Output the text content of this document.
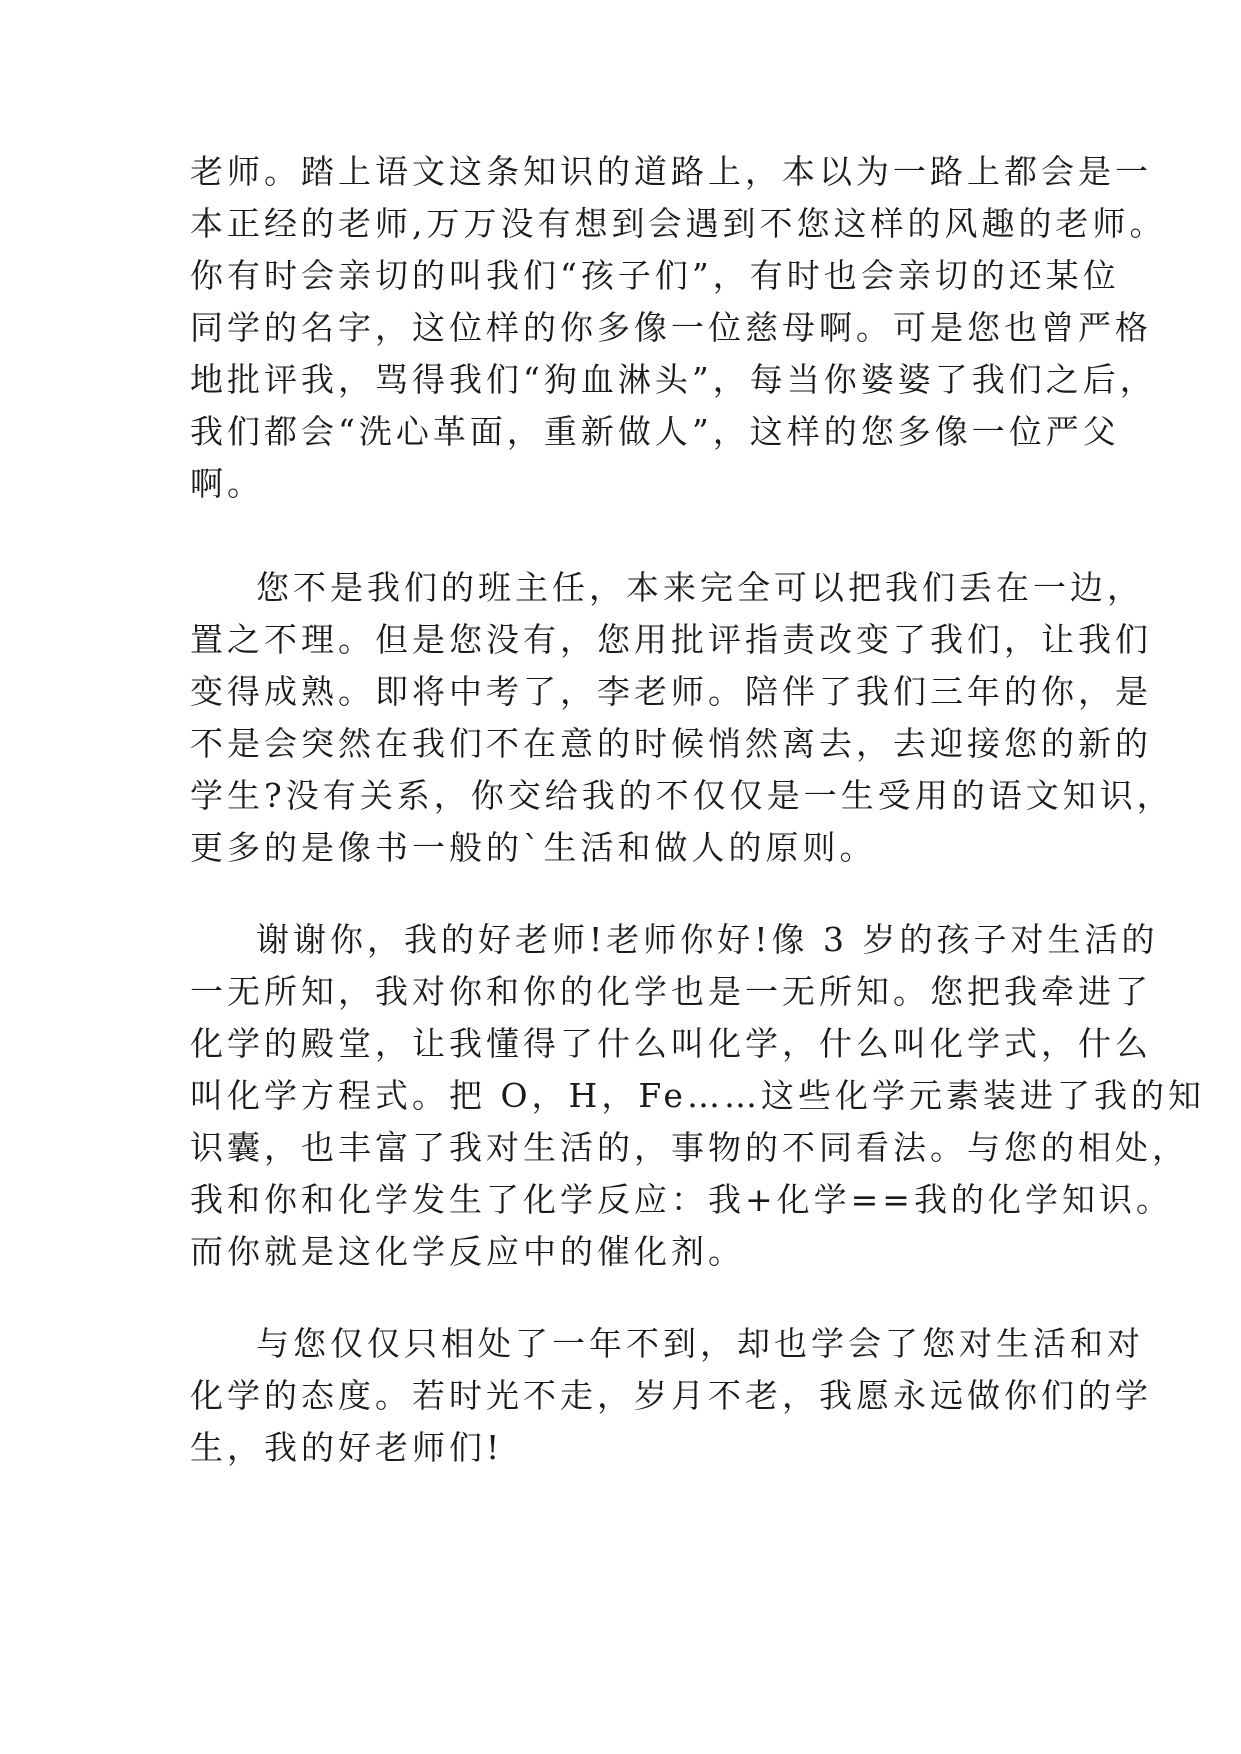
老师。踏上语文这条知识的道路上，本以为一路上都会是一
本正经的老师,万万没有想到会遇到不您这样的风趣的老师。
你有时会亲切的叫我们“孩子们”，有时也会亲切的还某位
同学的名字，这位样的你多像一位慈母啊。可是您也曾严格
地批评我，骂得我们“狗血淋头”，每当你婆婆了我们之后，
我们都会“洗心革面，重新做人”，这样的您多像一位严父
啊。
您不是我们的班主任，本来完全可以把我们丢在一边，
置之不理。但是您没有，您用批评指责改变了我们，让我们
变得成熟。即将中考了，李老师。陪伴了我们三年的你，是
不是会突然在我们不在意的时候悄然离去，去迎接您的新的
学生?没有关系，你交给我的不仅仅是一生受用的语文知识，
更多的是像书一般的`生活和做人的原则。
谢谢你，我的好老师!老师你好!像 3 岁的孩子对生活的
一无所知，我对你和你的化学也是一无所知。您把我牵进了
化学的殿堂，让我懂得了什么叫化学，什么叫化学式，什么
叫化学方程式。把 O，H，Fe……这些化学元素装进了我的知
识囊，也丰富了我对生活的，事物的不同看法。与您的相处，
我和你和化学发生了化学反应：我+化学==我的化学知识。
而你就是这化学反应中的催化剂。
与您仅仅只相处了一年不到，却也学会了您对生活和对
化学的态度。若时光不走，岁月不老，我愿永远做你们的学
生，我的好老师们!
